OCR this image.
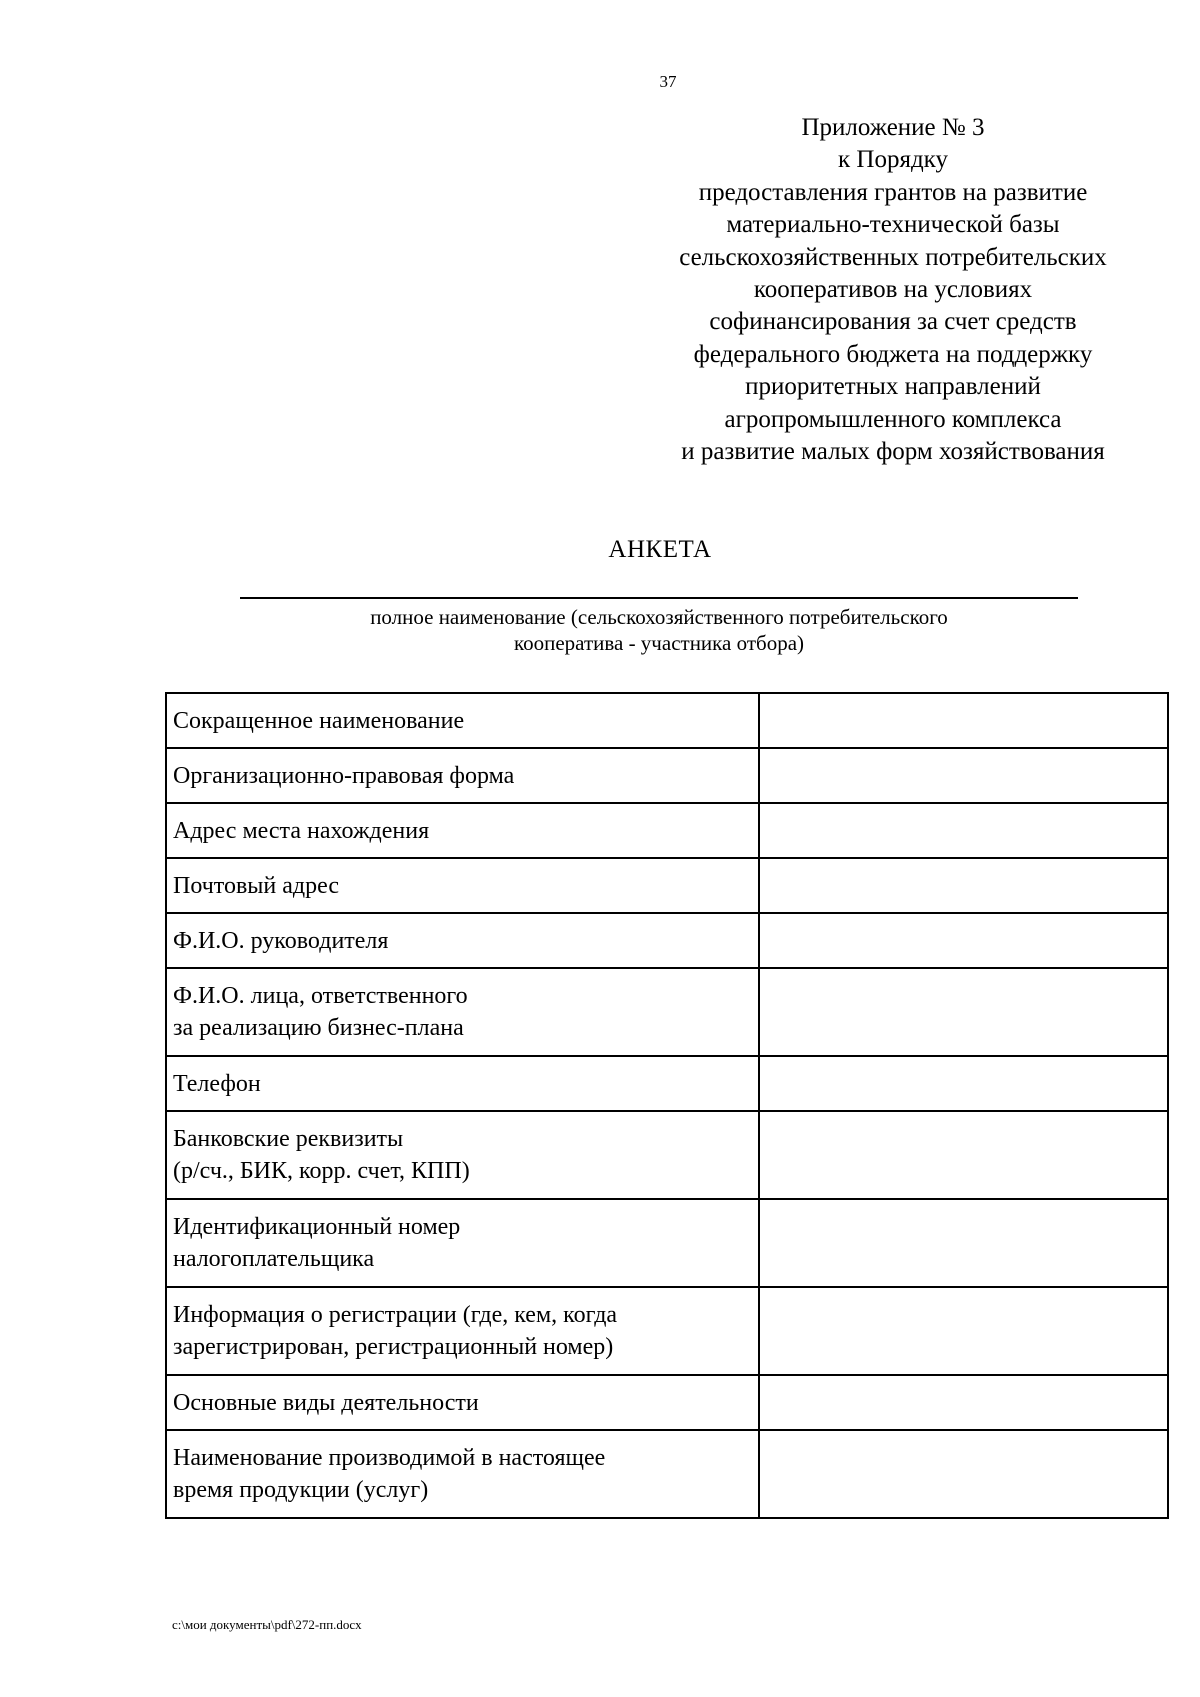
37
Приложение № 3
к Порядку
предоставления грантов на развитие
материально-технической базы
сельскохозяйственных потребительских
кооперативов на условиях
софинансирования за счет средств
федерального бюджета на поддержку
приоритетных направлений
агропромышленного комплекса
и развитие малых форм хозяйствования
АНКЕТА
полное наименование (сельскохозяйственного потребительского
кооператива - участника отбора)
Сокращенное наименование	

Организационно-правовая форма	

Адрес места нахождения	

Почтовый адрес	

Ф.И.О. руководителя	

Ф.И.О. лица, ответственного
за реализацию бизнес-плана	

Телефон	

Банковские реквизиты
(р/сч., БИК, корр. счет, КПП)	

Идентификационный номер
налогоплательщика	

Информация о регистрации (где, кем, когда
зарегистрирован, регистрационный номер)	

Основные виды деятельности	

Наименование производимой в настоящее
время продукции (услуг)	

c:\мои документы\pdf\272-пп.docx
